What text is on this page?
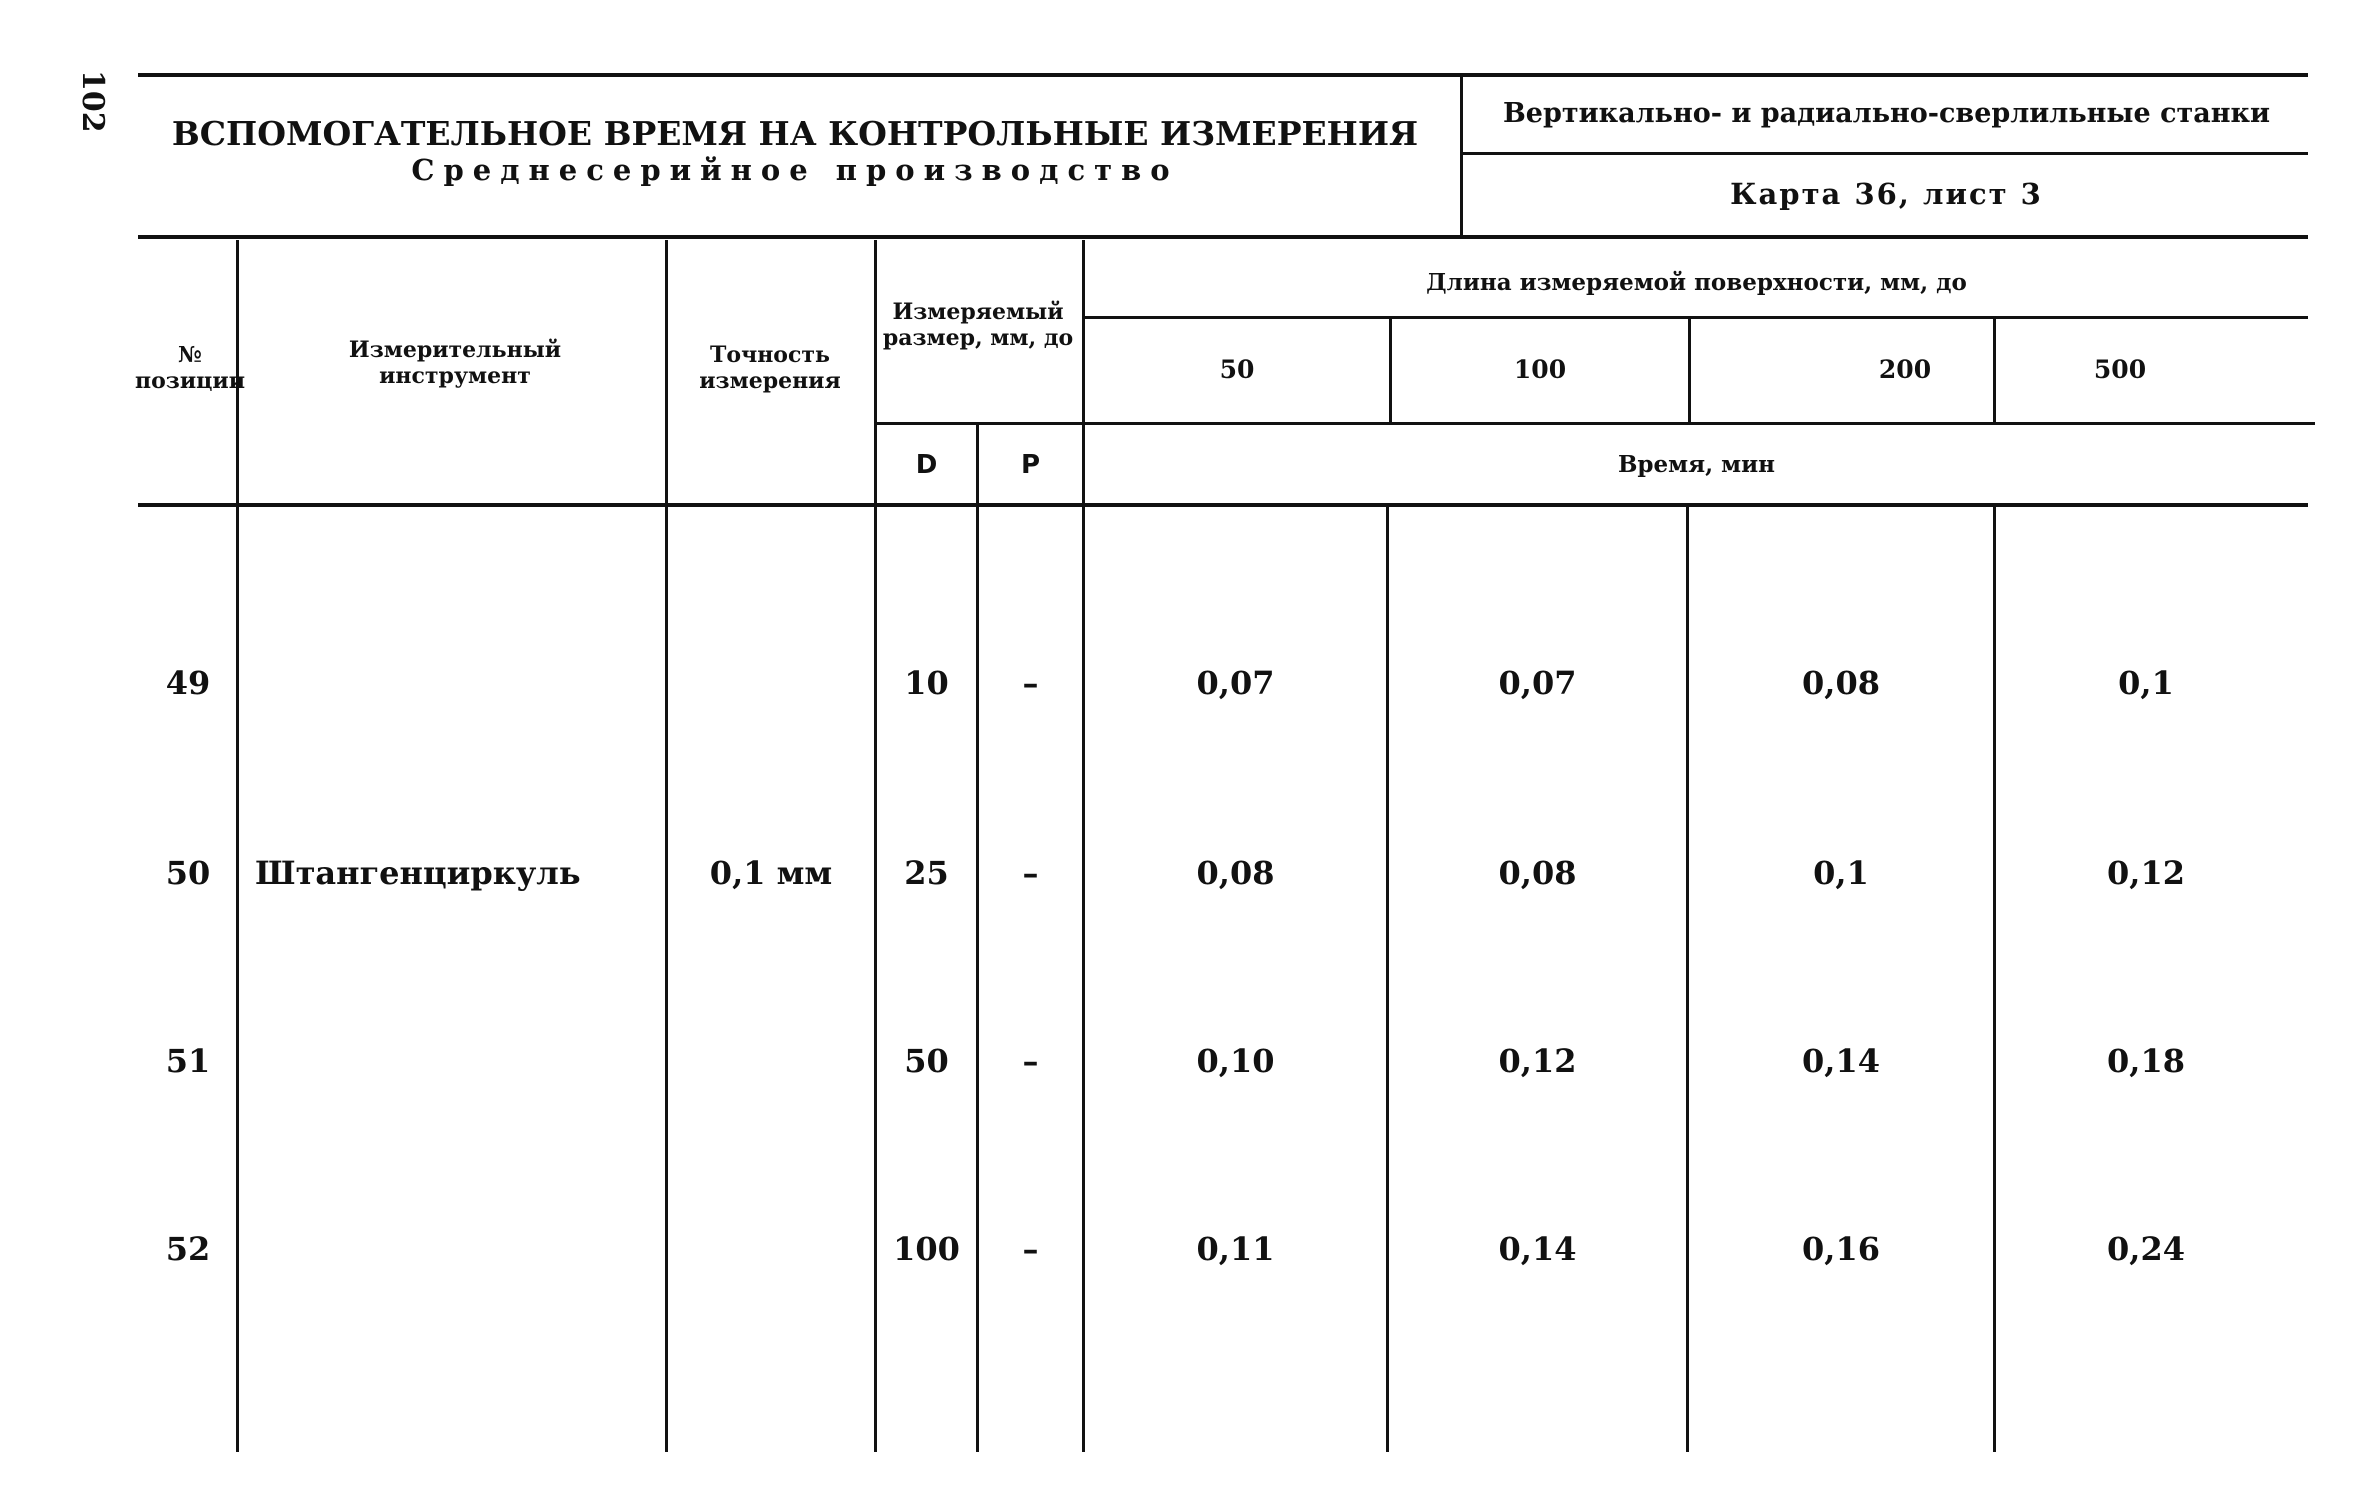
102
ВСПОМОГАТЕЛЬНОЕ ВРЕМЯ НА КОНТРОЛЬНЫЕ ИЗМЕРЕНИЯ
Среднесерийное производство
Вертикально- и радиально-сверлильные станки
Карта 36, лист 3
№ позиции
Измерительный инструмент
Точность измерения
Измеряемый размер, мм, до
D	P
Длина измеряемой поверхности, мм, до
50	100	200	500
Время, мин
Штангенциркуль	0,1 мм
49	10	–	0,07	0,07	0,08	0,1
50	25	–	0,08	0,08	0,1	0,12
51	50	–	0,10	0,12	0,14	0,18
52	100	–	0,11	0,14	0,16	0,24
